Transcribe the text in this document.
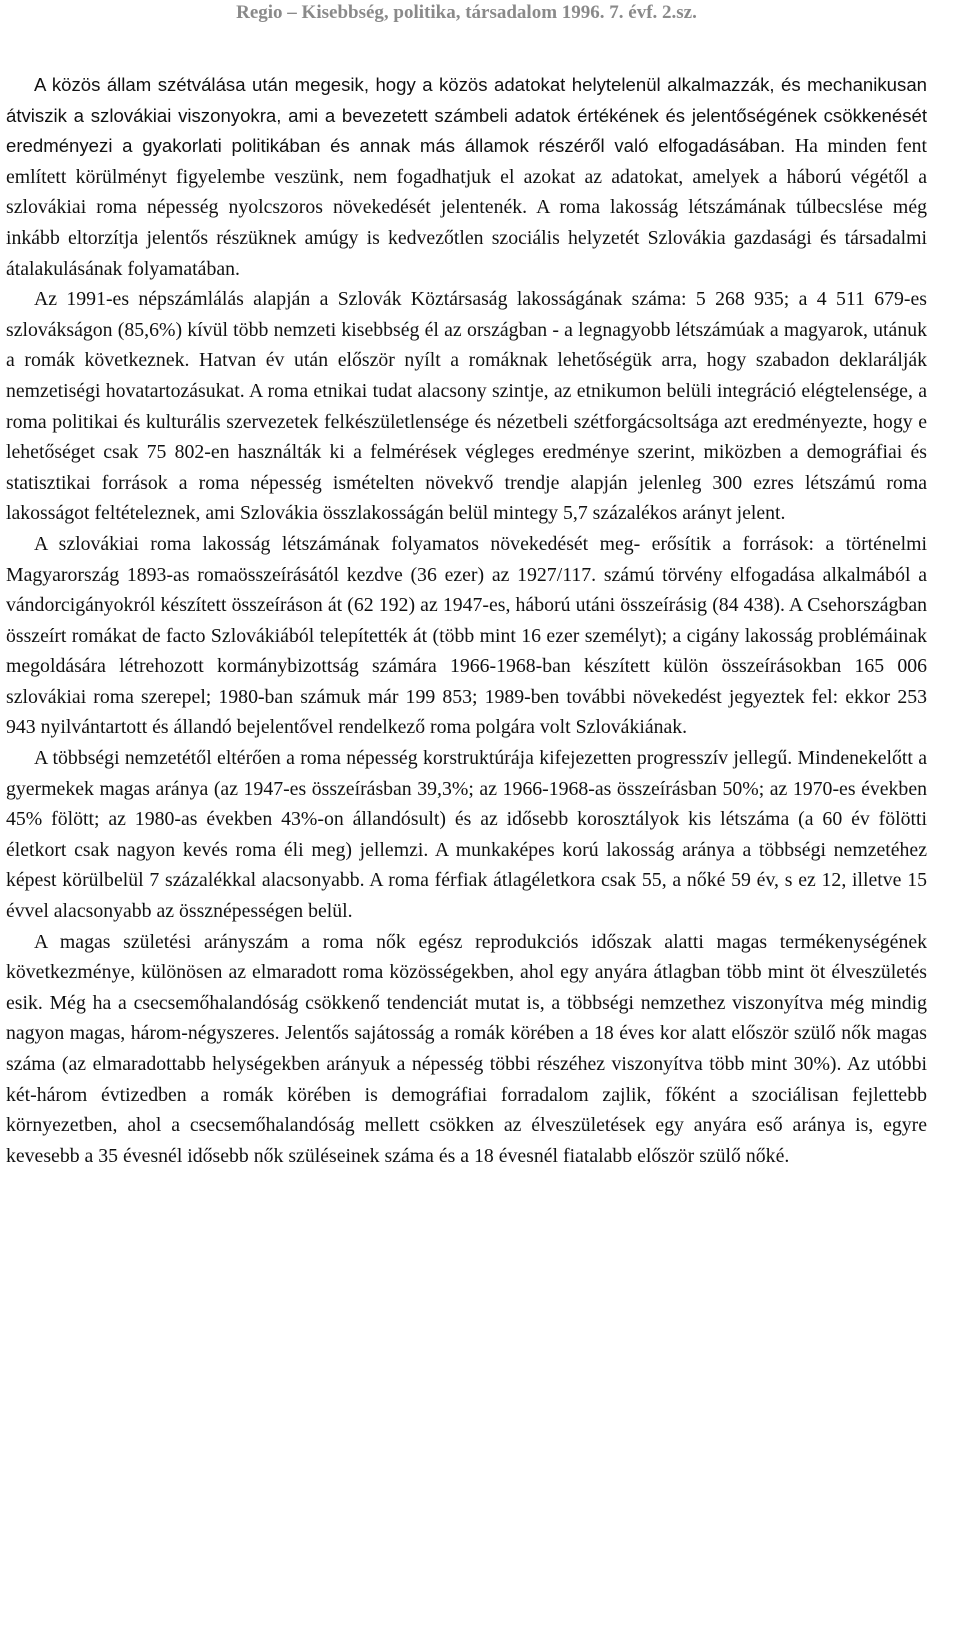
Regio – Kisebbség, politika, társadalom 1996. 7. évf. 2.sz.

A közös állam szétválása után megesik, hogy a közös adatokat helytelenül alkalmazzák, és mechanikusan átviszik a szlovákiai viszonyokra, ami a bevezetett számbeli adatok értékének és jelentőségének csökkenését eredményezi a gyakorlati politikában és annak más államok részéről való elfogadásában. Ha minden fent említett körülményt figyelembe veszünk, nem fogadhatjuk el azokat az adatokat, amelyek a háború végétől a szlovákiai roma népesség nyolcszoros növekedését jelentenék. A roma lakosság létszámának túlbecslése még inkább eltorzítja jelentős részüknek amúgy is kedvezőtlen szociális helyzetét Szlovákia gazdasági és társadalmi átalakulásának folyamatában.

Az 1991-es népszámlálás alapján a Szlovák Köztársaság lakosságának száma: 5 268 935; a 4 511 679-es szlovákságon (85,6%) kívül több nemzeti kisebbség él az országban - a legnagyobb létszámúak a magyarok, utánuk a romák következnek. Hatvan év után először nyílt a romáknak lehetőségük arra, hogy szabadon deklarálják nemzetiségi hovatartozásukat. A roma etnikai tudat alacsony szintje, az etnikumon belüli integráció elégtelensége, a roma politikai és kulturális szervezetek felkészületlensége és nézetbeli szétforgácsoltsága azt eredményezte, hogy e lehetőséget csak 75 802-en használták ki a felmérések végleges eredménye szerint, miközben a demográfiai és statisztikai források a roma népesség ismételten növekvő trendje alapján jelenleg 300 ezres létszámú roma lakosságot feltételeznek, ami Szlovákia összlakosságán belül mintegy 5,7 százalékos arányt jelent.

A szlovákiai roma lakosság létszámának folyamatos növekedését meg- erősítik a források: a történelmi Magyarország 1893-as romaösszeírásától kezdve (36 ezer) az 1927/117. számú törvény elfogadása alkalmából a vándorcigányokról készített összeíráson át (62 192) az 1947-es, háború utáni összeírásig (84 438). A Csehországban összeírt romákat de facto Szlovákiából telepítették át (több mint 16 ezer személyt); a cigány lakosság problémáinak megoldására létrehozott kormánybizottság számára 1966-1968-ban készített külön összeírásokban 165 006 szlovákiai roma szerepel; 1980-ban számuk már 199 853; 1989-ben további növekedést jegyeztek fel: ekkor 253 943 nyilvántartott és állandó bejelentővel rendelkező roma polgára volt Szlovákiának.

A többségi nemzetétől eltérően a roma népesség korstruktúrája kifejezetten progresszív jellegű. Mindenekelőtt a gyermekek magas aránya (az 1947-es összeírásban 39,3%; az 1966-1968-as összeírásban 50%; az 1970-es években 45% fölött; az 1980-as években 43%-on állandósult) és az idősebb korosztályok kis létszáma (a 60 év fölötti életkort csak nagyon kevés roma éli meg) jellemzi. A munkaképes korú lakosság aránya a többségi nemzetéhez képest körülbelül 7 százalékkal alacsonyabb. A roma férfiak átlagéletkora csak 55, a nőké 59 év, s ez 12, illetve 15 évvel alacsonyabb az össznépességen belül.

A magas születési arányszám a roma nők egész reprodukciós időszak alatti magas termékenységének következménye, különösen az elmaradott roma közösségekben, ahol egy anyára átlagban több mint öt élveszületés esik. Még ha a csecsemőhalandóság csökkenő tendenciát mutat is, a többségi nemzethez viszonyítva még mindig nagyon magas, három-négyszeres. Jelentős sajátosság a romák körében a 18 éves kor alatt először szülő nők magas száma (az elmaradottabb helységekben arányuk a népesség többi részéhez viszonyítva több mint 30%). Az utóbbi két-három évtizedben a romák körében is demográfiai forradalom zajlik, főként a szociálisan fejlettebb környezetben, ahol a csecsemőhalandóság mellett csökken az élveszületések egy anyára eső aránya is, egyre kevesebb a 35 évesnél idősebb nők szüléseinek száma és a 18 évesnél fiatalabb először szülő nőké.
